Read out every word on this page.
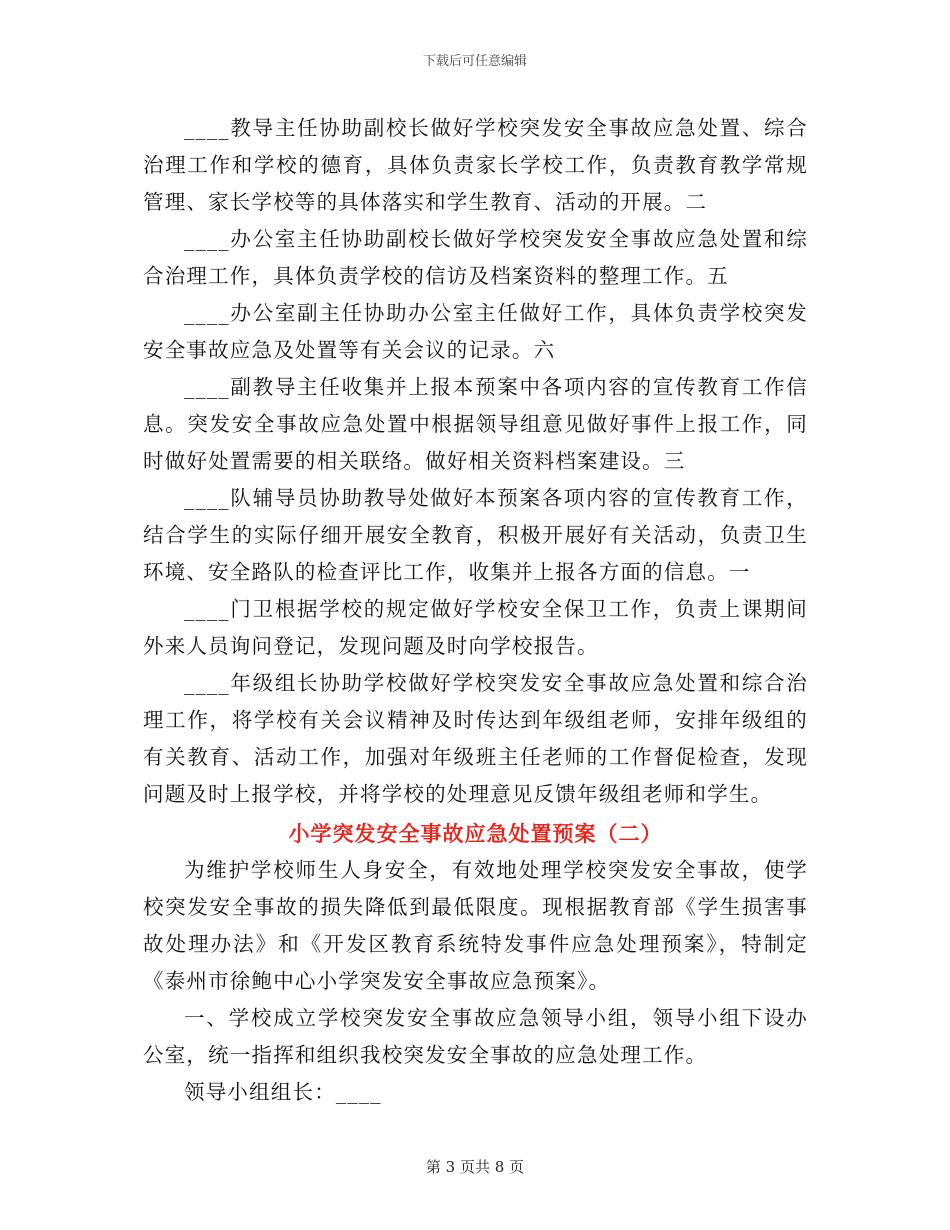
下载后可任意编辑

____教导主任协助副校长做好学校突发安全事故应急处置、综合治理工作和学校的德育，具体负责家长学校工作，负责教育教学常规管理、家长学校等的具体落实和学生教育、活动的开展。二

____办公室主任协助副校长做好学校突发安全事故应急处置和综合治理工作，具体负责学校的信访及档案资料的整理工作。五

____办公室副主任协助办公室主任做好工作，具体负责学校突发安全事故应急及处置等有关会议的记录。六

____副教导主任收集并上报本预案中各项内容的宣传教育工作信息。突发安全事故应急处置中根据领导组意见做好事件上报工作，同时做好处置需要的相关联络。做好相关资料档案建设。三

____队辅导员协助教导处做好本预案各项内容的宣传教育工作，结合学生的实际仔细开展安全教育，积极开展好有关活动，负责卫生环境、安全路队的检查评比工作，收集并上报各方面的信息。一

____门卫根据学校的规定做好学校安全保卫工作，负责上课期间外来人员询问登记，发现问题及时向学校报告。

____年级组长协助学校做好学校突发安全事故应急处置和综合治理工作，将学校有关会议精神及时传达到年级组老师，安排年级组的有关教育、活动工作，加强对年级班主任老师的工作督促检查，发现问题及时上报学校，并将学校的处理意见反馈年级组老师和学生。

小学突发安全事故应急处置预案（二）

为维护学校师生人身安全，有效地处理学校突发安全事故，使学校突发安全事故的损失降低到最低限度。现根据教育部《学生损害事故处理办法》和《开发区教育系统特发事件应急处理预案》，特制定《泰州市徐鲍中心小学突发安全事故应急预案》。

一、学校成立学校突发安全事故应急领导小组，领导小组下设办公室，统一指挥和组织我校突发安全事故的应急处理工作。

领导小组组长：____

第 3 页共 8 页
